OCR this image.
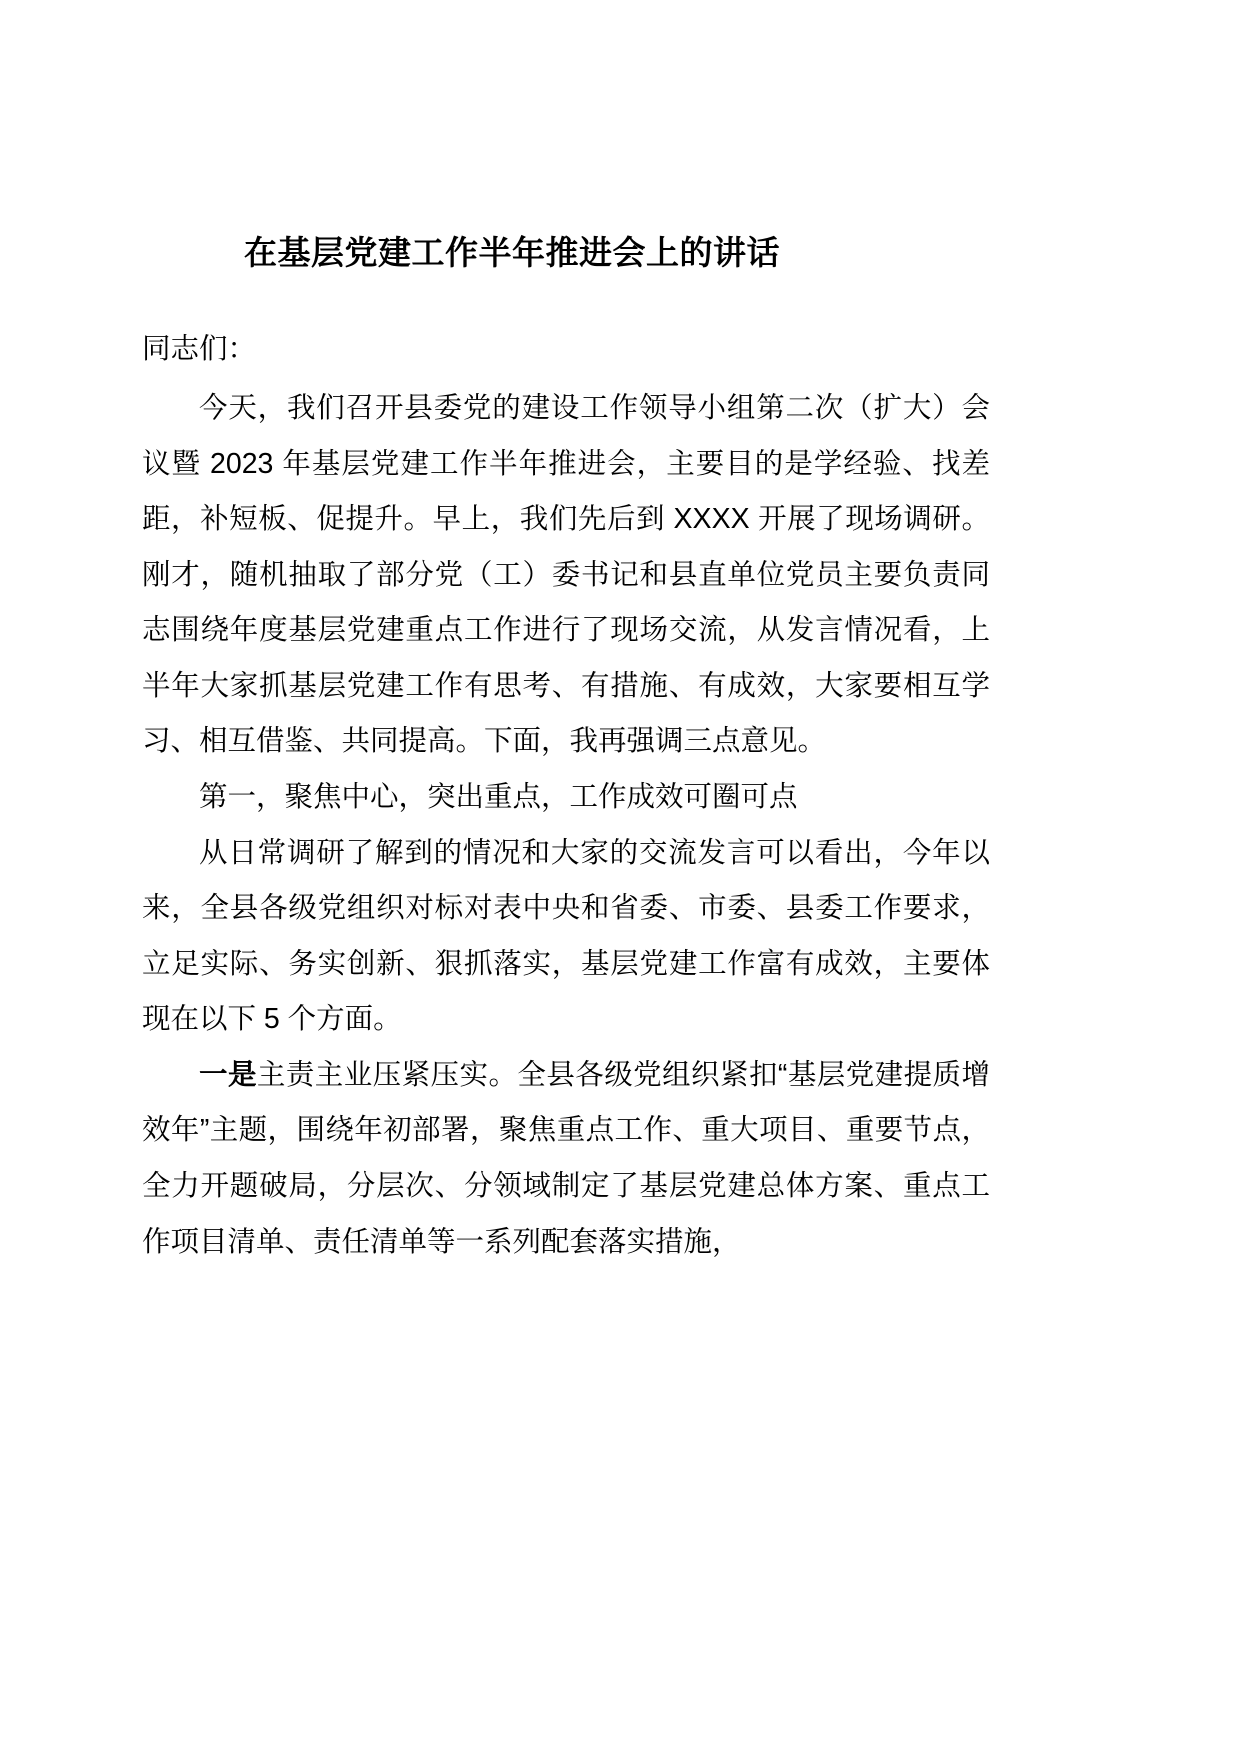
在基层党建工作半年推进会上的讲话

同志们：

今天，我们召开县委党的建设工作领导小组第二次（扩大）会议暨 2023 年基层党建工作半年推进会，主要目的是学经验、找差距，补短板、促提升。早上，我们先后到 XXXX 开展了现场调研。刚才，随机抽取了部分党（工）委书记和县直单位党员主要负责同志围绕年度基层党建重点工作进行了现场交流，从发言情况看，上半年大家抓基层党建工作有思考、有措施、有成效，大家要相互学习、相互借鉴、共同提高。下面，我再强调三点意见。

第一，聚焦中心，突出重点，工作成效可圈可点

从日常调研了解到的情况和大家的交流发言可以看出，今年以来，全县各级党组织对标对表中央和省委、市委、县委工作要求，立足实际、务实创新、狠抓落实，基层党建工作富有成效，主要体现在以下 5 个方面。

一是主责主业压紧压实。全县各级党组织紧扣“基层党建提质增效年”主题，围绕年初部署，聚焦重点工作、重大项目、重要节点，全力开题破局，分层次、分领域制定了基层党建总体方案、重点工作项目清单、责任清单等一系列配套落实措施，
